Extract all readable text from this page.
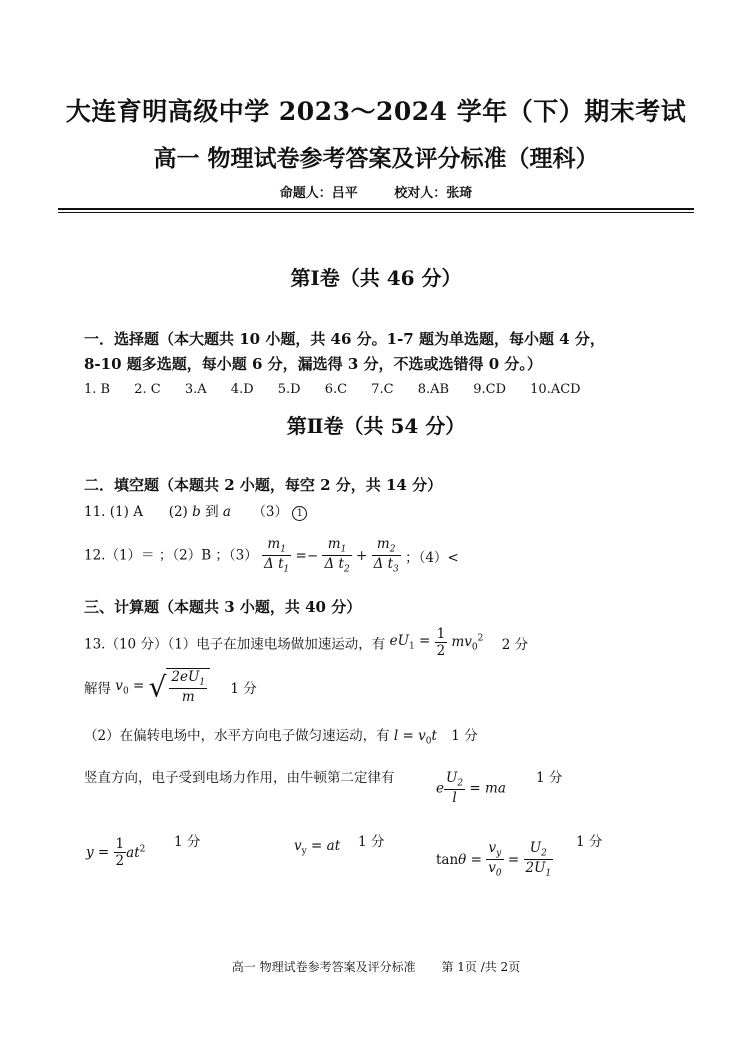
大连育明高级中学 2023～2024 学年（下）期末考试
高一 物理试卷参考答案及评分标准（理科）
命题人：吕平	校对人：张琦
第Ⅰ卷（共 46 分）
一．选择题（本大题共 10 小题，共 46 分。1-7 题为单选题，每小题 4 分，
8-10 题多选题，每小题 6 分，漏选得 3 分，不选或选错得 0 分。）
1. B 2. C 3.A 4.D 5.D 6.C 7.C 8.AB 9.CD 10.ACD
第Ⅱ卷（共 54 分）
二．填空题（本题共 2 小题，每空 2 分，共 14 分）
11. (1) A (2) b 到 a （3） 1
12.（1）＝ ；（2）B ；$(3) \frac{m_1}{\Delta t_1} =- \frac{m_1}{\Delta t_2} + \frac{m_2}{\Delta t_3}$ ；（4）<
三、计算题（本题共 3 小题，共 40 分）
13.（10 分）（1）电子在加速电场做加速运动，有 $eU_1 = \frac{1}{2} mv_0^2$ 2 分
解得 $v_0$ = √ $\frac{2eU_1}{m} 1$ 分
（2）在偏转电场中，水平方向电子做匀速运动，有 $l = v_0t$ 1 分
竖直方向，电子受到电场力作用，由牛顿第二定律有	1 分
e $\frac{U_2}{l}$ = ma
$y = \frac{1}{2} at^2$ 1 分	$v_y$ = at 1 分
$\tan\theta = \frac{v_y}{v_0} = \frac{U_2}{2U_1} 1$ 分
高一 物理试卷参考答案及评分标准 第 1页 /共 2页
